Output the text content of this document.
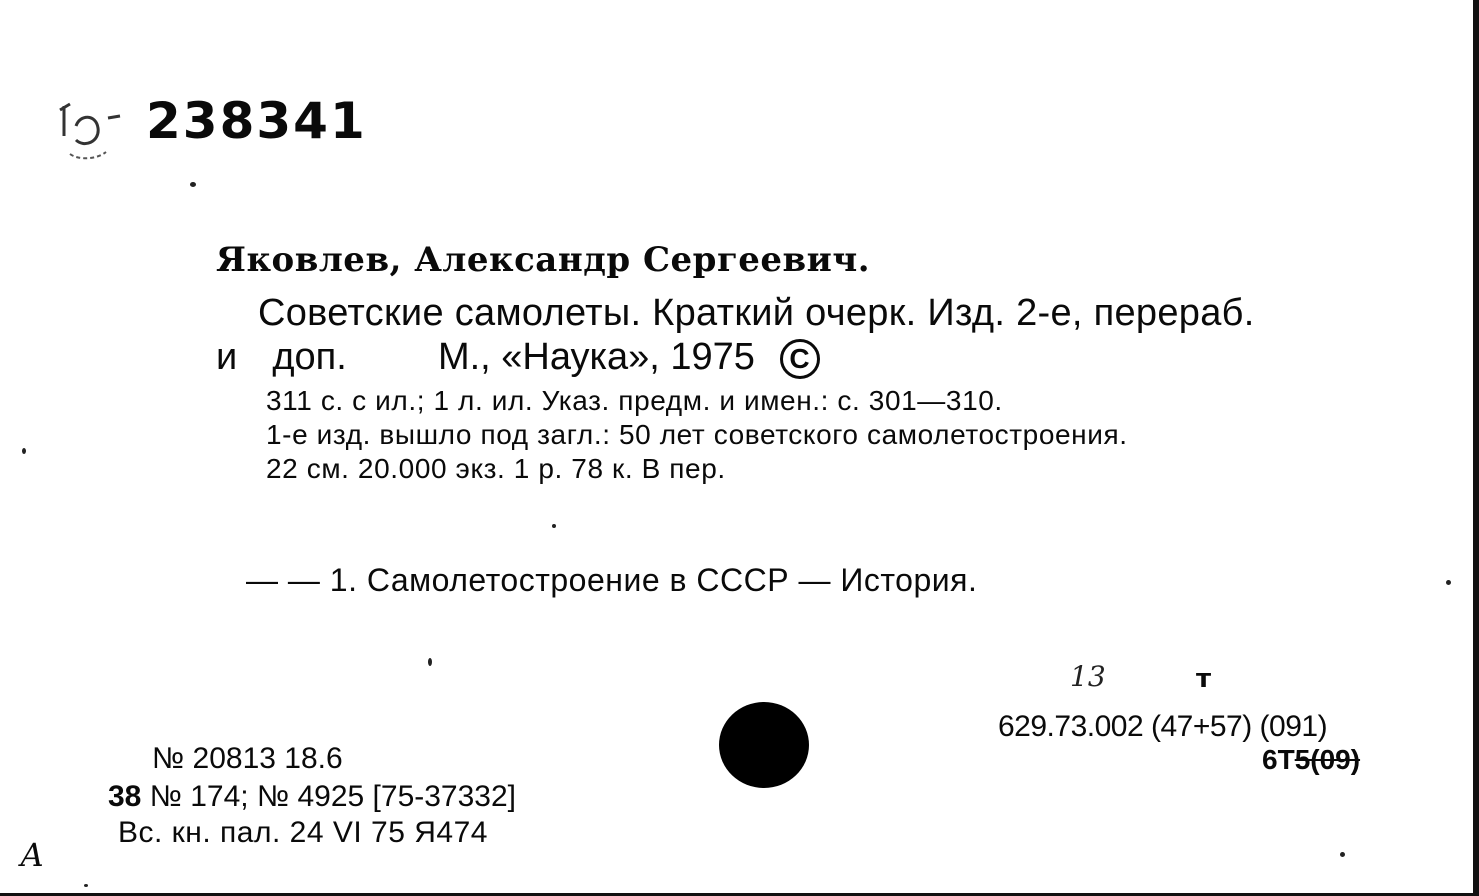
238341
Яковлев, Александр Сергеевич.
Советские самолеты. Краткий очерк. Изд. 2-е, перераб.
и доп. М., «Наука», 1975 C
311 с. с ил.; 1 л. ил. Указ. предм. и имен.: с. 301—310.
1-е изд. вышло под загл.: 50 лет советского самолетостроения.
22 см. 20.000 экз. 1 р. 78 к. В пер.
— — 1. Самолетостроение в СССР — История.
13	т
629.73.002 (47+57) (091)
6Т5(09)
№ 20813 18.6
38 № 174; № 4925 [75-37332]
Вс. кн. пал. 24 VI 75 Я474
А
